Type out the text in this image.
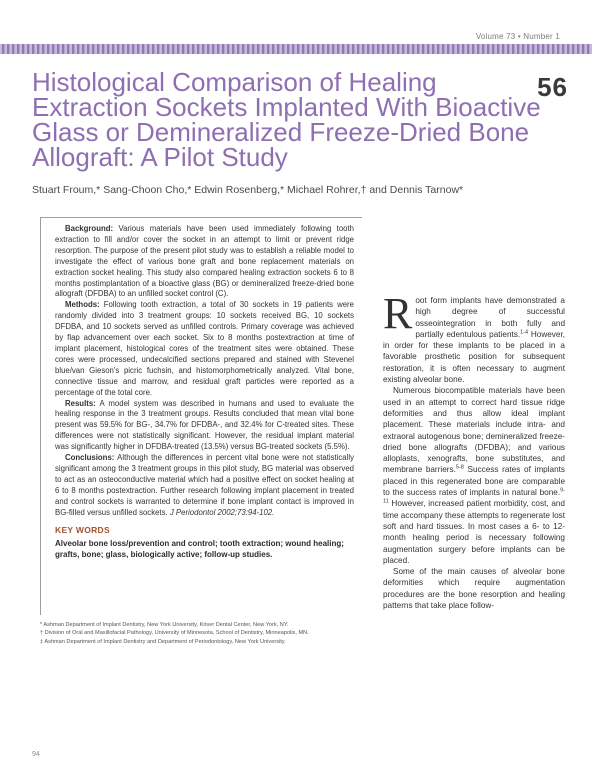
Volume 73 • Number 1
56
Histological Comparison of Healing Extraction Sockets Implanted With Bioactive Glass or Demineralized Freeze-Dried Bone Allograft: A Pilot Study
Stuart Froum,* Sang-Choon Cho,* Edwin Rosenberg,* Michael Rohrer,† and Dennis Tarnow*

Background: Various materials have been used immediately following tooth extraction to fill and/or cover the socket in an attempt to limit or prevent ridge resorption. The purpose of the present pilot study was to establish a reliable model to investigate the effect of various bone graft and bone replacement materials on extraction socket healing. This study also compared healing extraction sockets 6 to 8 months postimplantation of a bioactive glass (BG) or demineralized freeze-dried bone allograft (DFDBA) to an unfilled socket control (C).

Methods: Following tooth extraction, a total of 30 sockets in 19 patients were randomly divided into 3 treatment groups: 10 sockets received BG, 10 sockets DFDBA, and 10 sockets served as unfilled controls. Primary coverage was achieved by flap advancement over each socket. Six to 8 months postextraction at time of implant placement, histological cores of the treatment sites were obtained. These cores were processed, undecalcified sections prepared and stained with Stevenel blue/van Gieson's picric fuchsin, and histomorphometrically analyzed. Vital bone, connective tissue and marrow, and residual graft particles were reported as a percentage of the total core.

Results: A model system was described in humans and used to evaluate the healing response in the 3 treatment groups. Results concluded that mean vital bone present was 59.5% for BG-, 34.7% for DFDBA-, and 32.4% for C-treated sites. These differences were not statistically significant. However, the residual implant material was significantly higher in DFDBA-treated (13.5%) versus BG-treated sockets (5.5%).

Conclusions: Although the differences in percent vital bone were not statistically significant among the 3 treatment groups in this pilot study, BG material was observed to act as an osteoconductive material which had a positive effect on socket healing at 6 to 8 months postextraction. Further research following implant placement in treated and control sockets is warranted to determine if bone implant contact is improved in BG-filled versus unfilled sockets. J Periodontol 2002;73:94-102.

KEY WORDS

Alveolar bone loss/prevention and control; tooth extraction; wound healing; grafts, bone; glass, biologically active; follow-up studies.

* Ashman Department of Implant Dentistry, New York University, Kriser Dental Center, New York, NY.

† Division of Oral and Maxillofacial Pathology, University of Minnesota, School of Dentistry, Minneapolis, MN.

‡ Ashman Department of Implant Dentistry and Department of Periodontology, New York University.

Root form implants have demonstrated a high degree of successful osseointegration in both fully and partially edentulous patients.$^{1-4}$ However, in order for these implants to be placed in a favorable prosthetic position for subsequent restoration, it is often necessary to augment existing alveolar bone.

Numerous biocompatible materials have been used in an attempt to correct hard tissue ridge deformities and thus allow ideal implant placement. These materials include intra- and extraoral autogenous bone; demineralized freeze-dried bone allografts (DFDBA); and various alloplasts, xenografts, bone substitutes, and membrane barriers.$^{5-8}$ Success rates of implants placed in this regenerated bone are comparable to the success rates of implants in natural bone.$^{9-11}$ However, increased patient morbidity, cost, and time accompany these attempts to regenerate lost soft and hard tissues. In most cases a 6- to 12-month healing period is necessary following augmentation surgery before implants can be placed.

Some of the main causes of alveolar bone deformities which require augmentation procedures are the bone resorption and healing patterns that take place follow-

94
